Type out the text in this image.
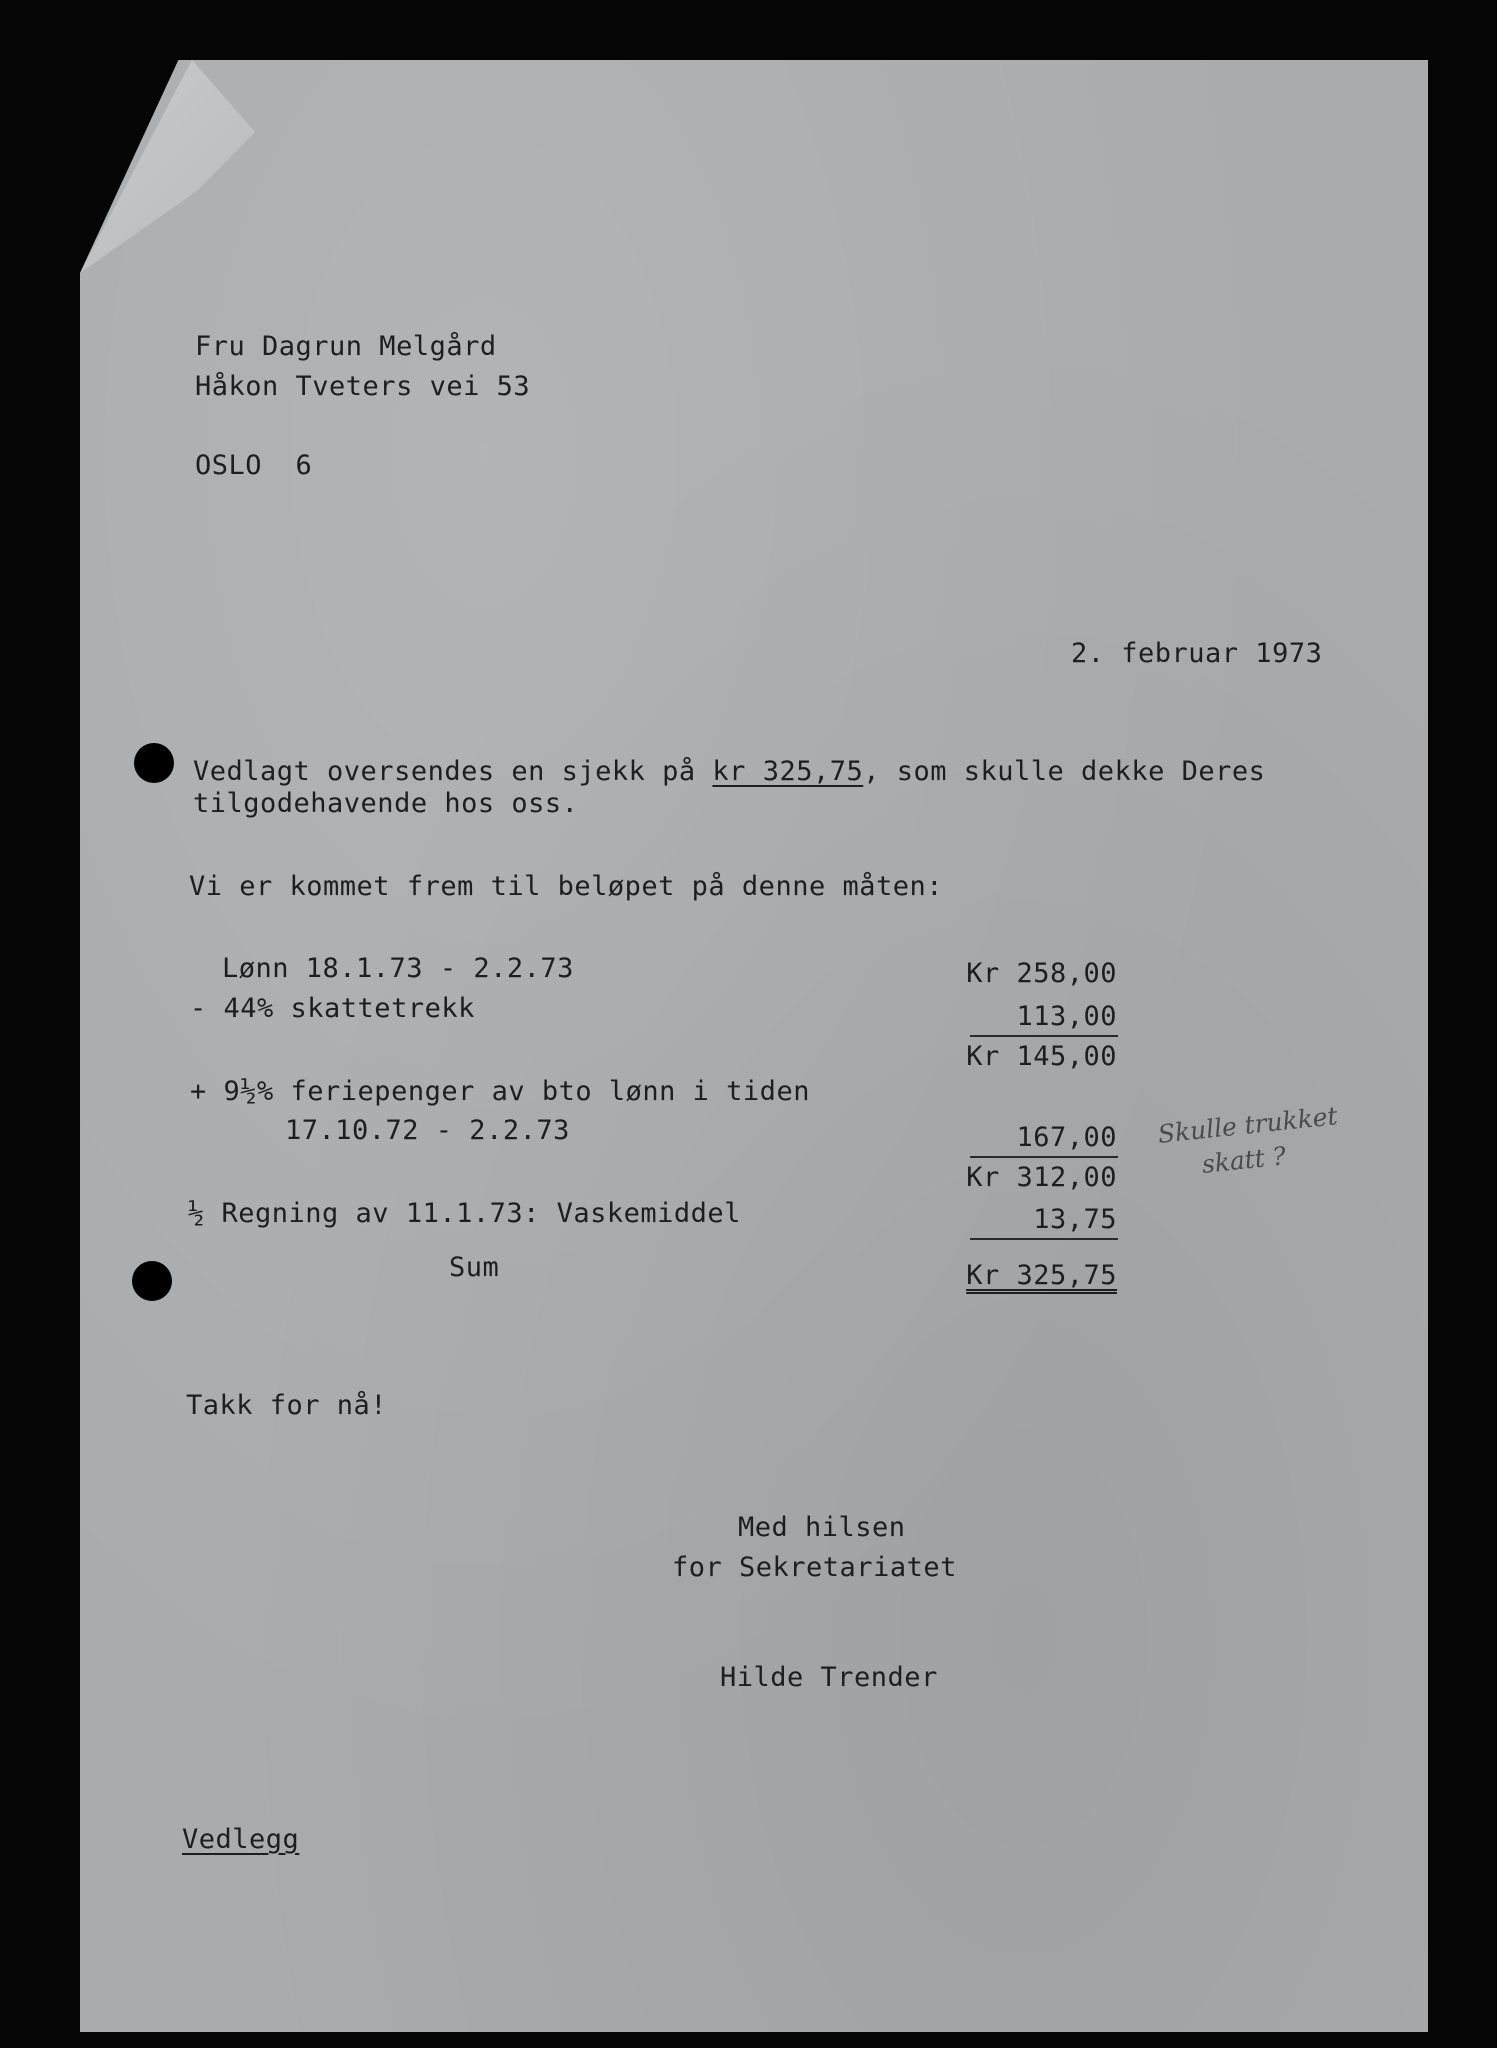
Fru Dagrun Melgård
Håkon Tveters vei 53
OSLO  6
2. februar 1973
Vedlagt oversendes en sjekk på kr 325,75, som skulle dekke Deres
tilgodehavende hos oss.
Vi er kommet frem til beløpet på denne måten:
Lønn 18.1.73 - 2.2.73
- 44% skattetrekk
+ 9½% feriepenger av bto lønn i tiden
17.10.72 - 2.2.73
½ Regning av 11.1.73: Vaskemiddel
Sum
Kr 258,00
113,00
Kr 145,00
167,00
Kr 312,00
13,75
Kr 325,75
Skulle trukket
skatt ?
Takk for nå!
Med hilsen
for Sekretariatet
Hilde Trender
Vedlegg
